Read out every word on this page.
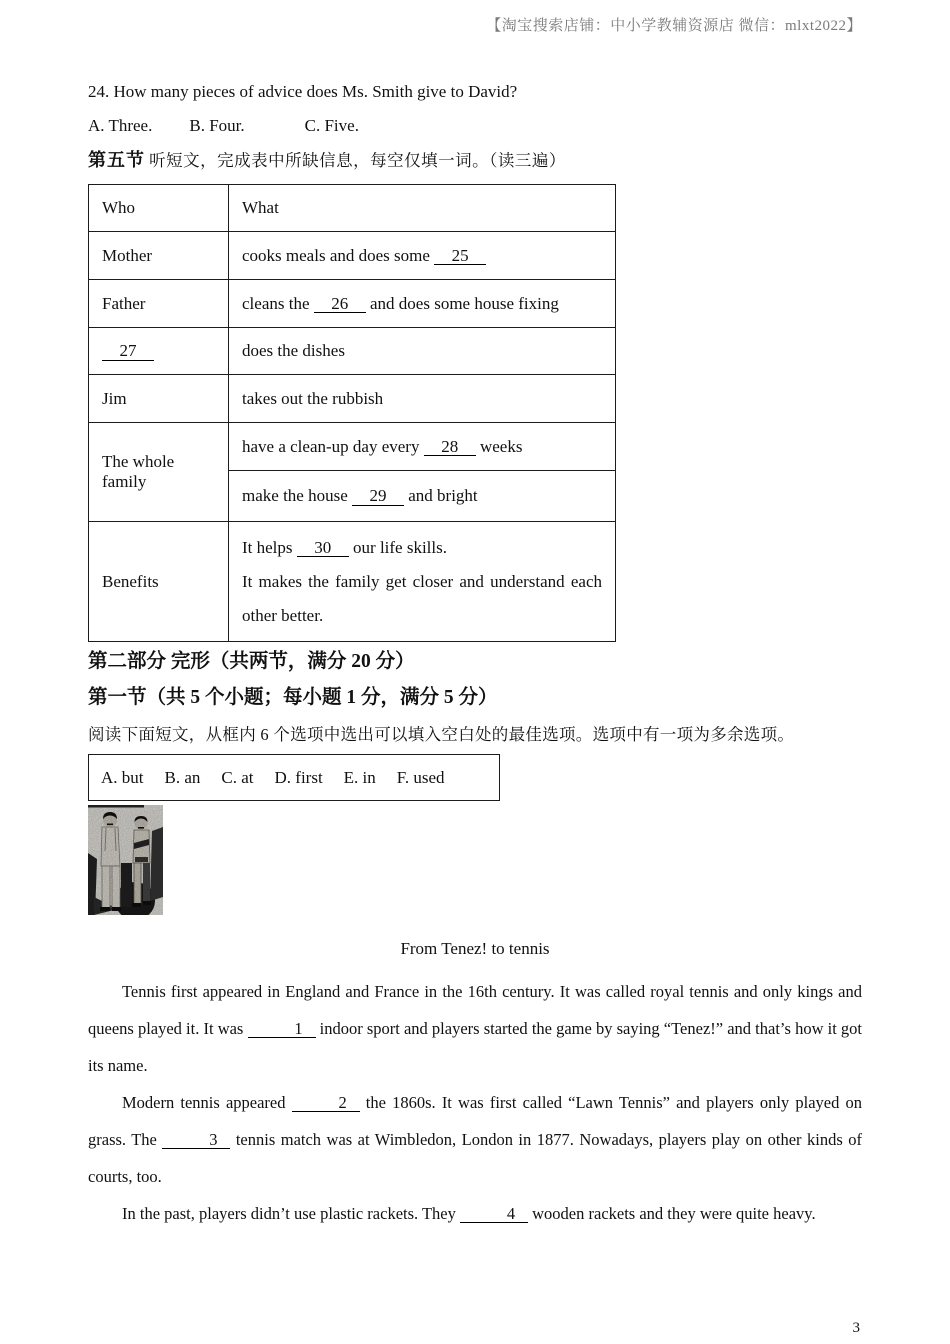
【淘宝搜索店铺：中小学教辅资源店 微信：mlxt2022】
24. How many pieces of advice does Ms. Smith give to David?
A. Three. B. Four.	C. Five.
第五节 听短文，完成表中所缺信息，每空仅填一词。（读三遍）
Who	What
Mother	cooks meals and does some 25

Father	cleans the 26 and does some house fixing

27	does the dishes

Jim	takes out the rubbish

The whole family	have a clean-up day every 28 weeks
	make the house 29 and bright
Benefits	It helps 30 our life skills.
It makes the family get closer and understand each other better.
第二部分 完形（共两节，满分 20 分）
第一节（共 5 个小题；每小题 1 分，满分 5 分）
阅读下面短文，从框内 6 个选项中选出可以填入空白处的最佳选项。选项中有一项为多余选项。
A. but B. an C. at D. first E. in F. used
From Tenez! to tennis

Tennis first appeared in England and France in the 16th century. It was called royal tennis and only kings and queens played it. It was	1 indoor sport and players started the game by saying “Tenez!” and that’s how it got its name.

Modern tennis appeared	2 the 1860s. It was first called “Lawn Tennis” and players only played on grass. The	3 tennis match was at Wimbledon, London in 1877. Nowadays, players play on other kinds of courts, too.

In the past, players didn’t use plastic rackets. They	4 wooden rackets and they were quite heavy.

3
